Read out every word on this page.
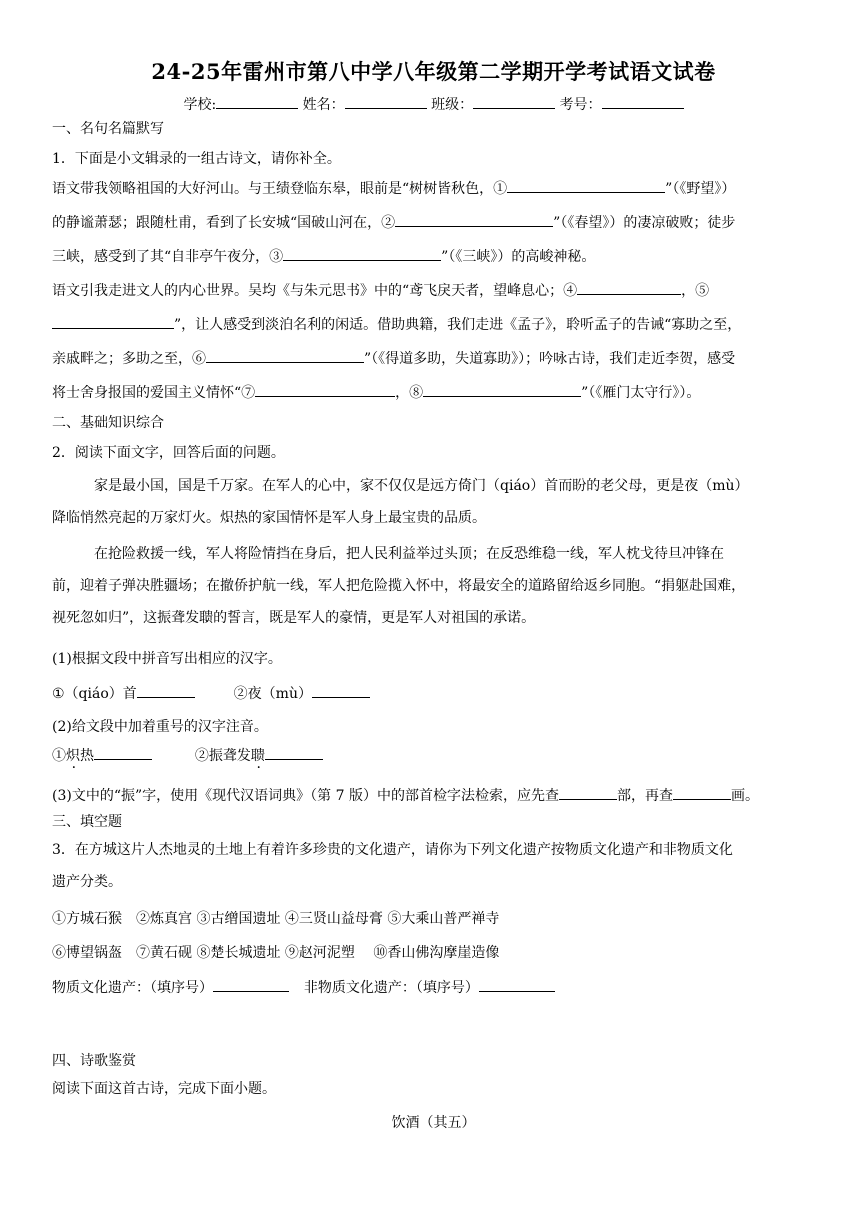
24-25年雷州市第八中学八年级第二学期开学考试语文试卷
学校:	姓名：	班级：	考号：
一、名句名篇默写
1．下面是小文辑录的一组古诗文，请你补全。
语文带我领略祖国的大好河山。与王绩登临东皋，眼前是“树树皆秋色，①	”（《野望》）
的静谧萧瑟；跟随杜甫，看到了长安城“国破山河在，②	”（《春望》）的凄凉破败；徒步
三峡，感受到了其“自非亭午夜分，③	”（《三峡》）的高峻神秘。
语文引我走进文人的内心世界。吴均《与朱元思书》中的“鸢飞戾天者，望峰息心；④	，⑤
”，让人感受到淡泊名利的闲适。借助典籍，我们走进《孟子》，聆听孟子的告诫“寡助之至，
亲戚畔之；多助之至，⑥	”（《得道多助，失道寡助》）；吟咏古诗，我们走近李贺，感受
将士舍身报国的爱国主义情怀“⑦	，⑧	”（《雁门太守行》）。
二、基础知识综合
2．阅读下面文字，回答后面的问题。
家是最小国，国是千万家。在军人的心中，家不仅仅是远方倚门（qiáo）首而盼的老父母，更是夜（mù）
降临悄然亮起的万家灯火。炽热的家国情怀是军人身上最宝贵的品质。
在抢险救援一线，军人将险情挡在身后，把人民利益举过头顶；在反恐维稳一线，军人枕戈待旦冲锋在
前，迎着子弹决胜疆场；在撤侨护航一线，军人把危险揽入怀中，将最安全的道路留给返乡同胞。“捐躯赴国难，
视死忽如归”，这振聋发聩的誓言，既是军人的豪情，更是军人对祖国的承诺。
(1)根据文段中拼音写出相应的汉字。
①（qiáo）首	②夜（mù）
(2)给文段中加着重号的汉字注音。
①炽热	②振聋发聩
(3)文中的“振”字，使用《现代汉语词典》（第 7 版）中的部首检字法检索，应先查	部，再查	画。
三、填空题
3．在方城这片人杰地灵的土地上有着许多珍贵的文化遗产，请你为下列文化遗产按物质文化遗产和非物质文化
遗产分类。
①方城石猴　②炼真宫 ③古缯国遗址 ④三贤山益母膏 ⑤大乘山普严禅寺
⑥博望锅盔　⑦黄石砚 ⑧楚长城遗址 ⑨赵河泥塑　 ⑩香山佛沟摩崖造像
物质文化遗产：（填序号）	非物质文化遗产：（填序号）
四、诗歌鉴赏
阅读下面这首古诗，完成下面小题。
饮酒（其五）
